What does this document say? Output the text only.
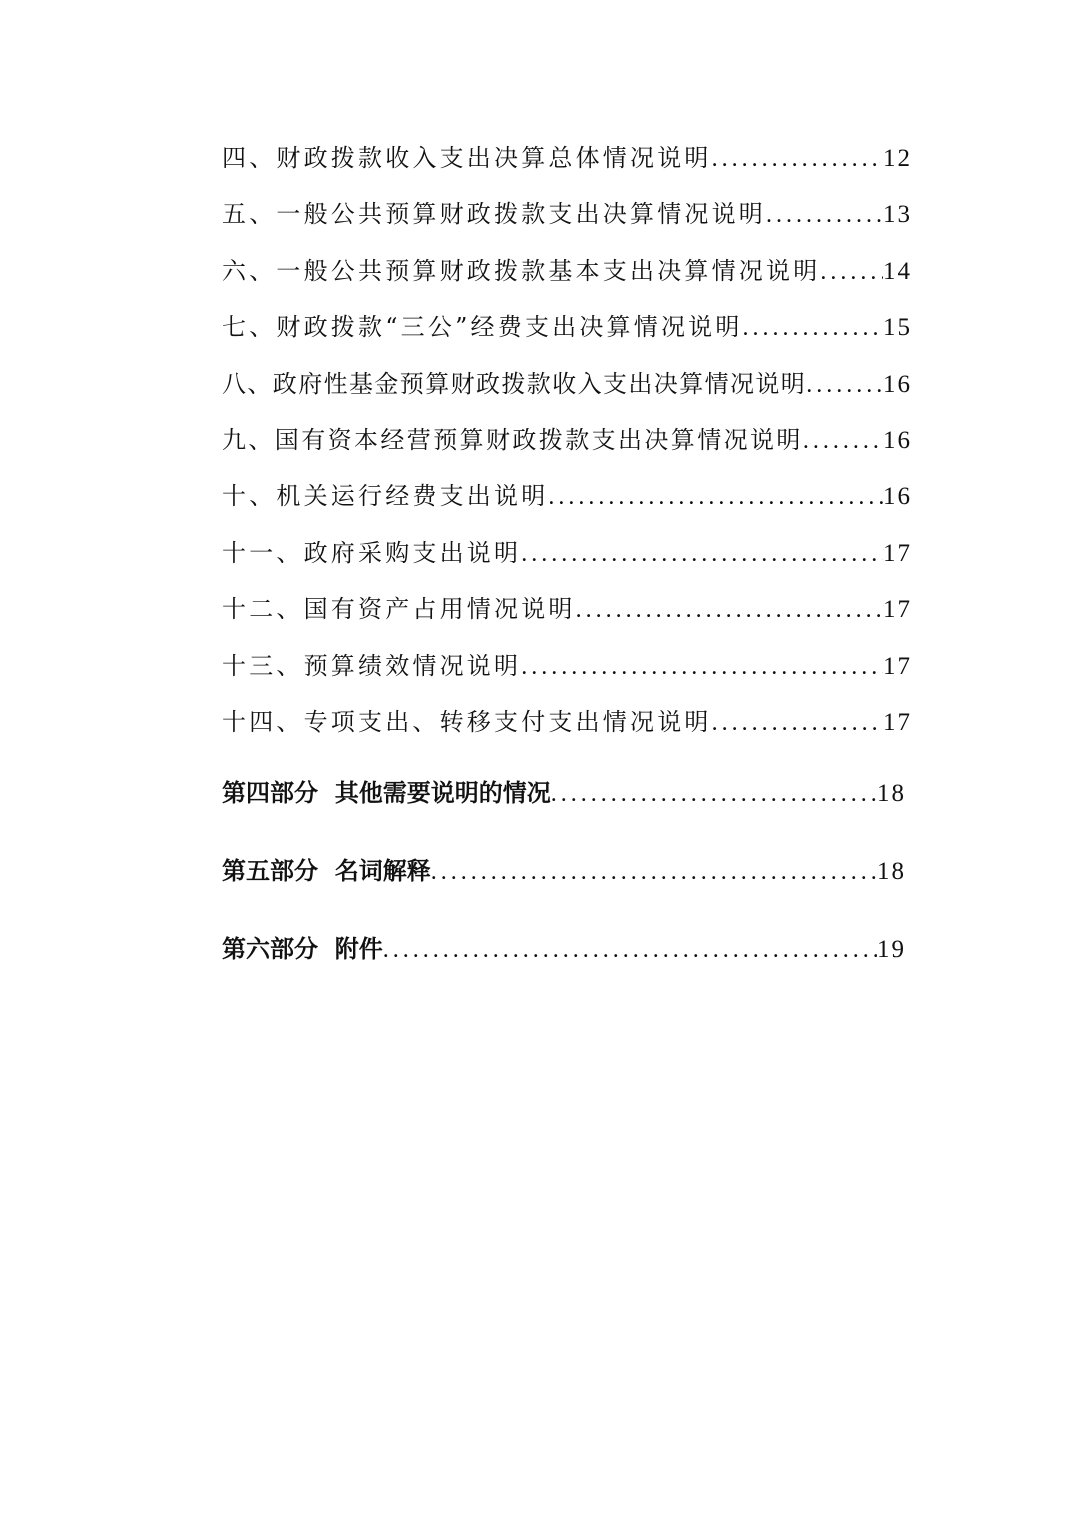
四、财政拨款收入支出决算总体情况说明 .....	12
五、一般公共预算财政拨款支出决算情况说明 .....	13
六、一般公共预算财政拨款基本支出决算情况说明 .....	14
七、财政拨款“三公”经费支出决算情况说明 .....	15
八、政府性基金预算财政拨款收入支出决算情况说明 .....	16
九、国有资本经营预算财政拨款支出决算情况说明 .....	16
十、机关运行经费支出说明 .....	16
十一、政府采购支出说明 .....	17
十二、国有资产占用情况说明 .....	17
十三、预算绩效情况说明 .....	17
十四、专项支出、转移支付支出情况说明 .....	17
第四部分  其他需要说明的情况 .....	18
第五部分  名词解释 .....	18
第六部分  附件 .....	19
